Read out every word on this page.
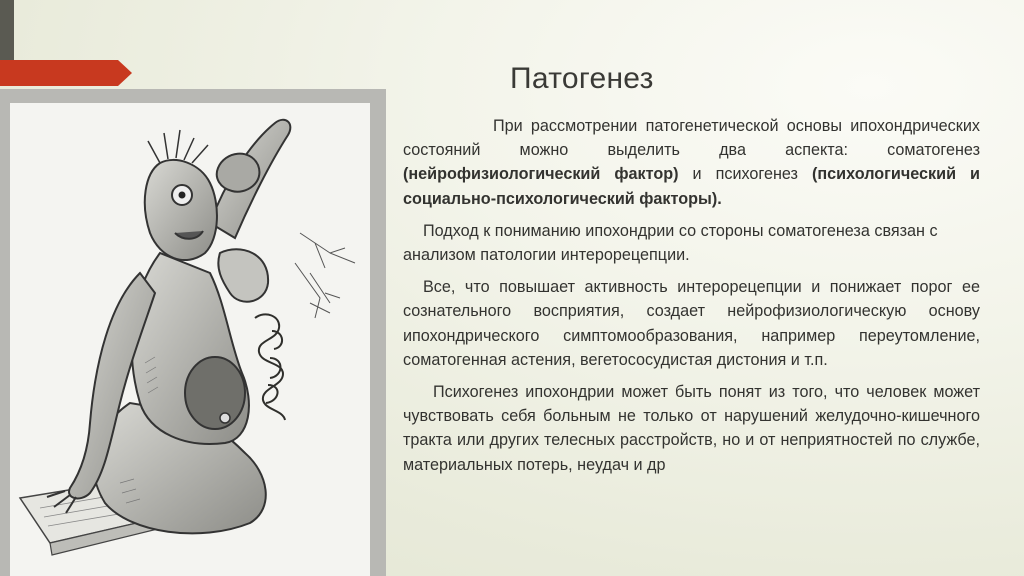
Патогенез

При рассмотрении патогенетической основы ипохондрических состояний можно выделить два аспекта: соматогенез (нейрофизиологический фактор) и психогенез (психологический и социально-психологический факторы).

Подход к пониманию ипохондрии со стороны соматогенеза связан с анализом патологии интерорецепции.

Все, что повышает активность интерорецепции и понижает порог ее сознательного восприятия, создает нейрофизиологическую основу ипохондрического симптомообразования, например переутомление, соматогенная астения, вегетососудистая дистония и т.п.

Психогенез ипохондрии может быть понят из того, что человек может чувствовать себя больным не только от нарушений желудочно-кишечного тракта или других телесных расстройств, но и от неприятностей по службе, материальных потерь, неудач и др
